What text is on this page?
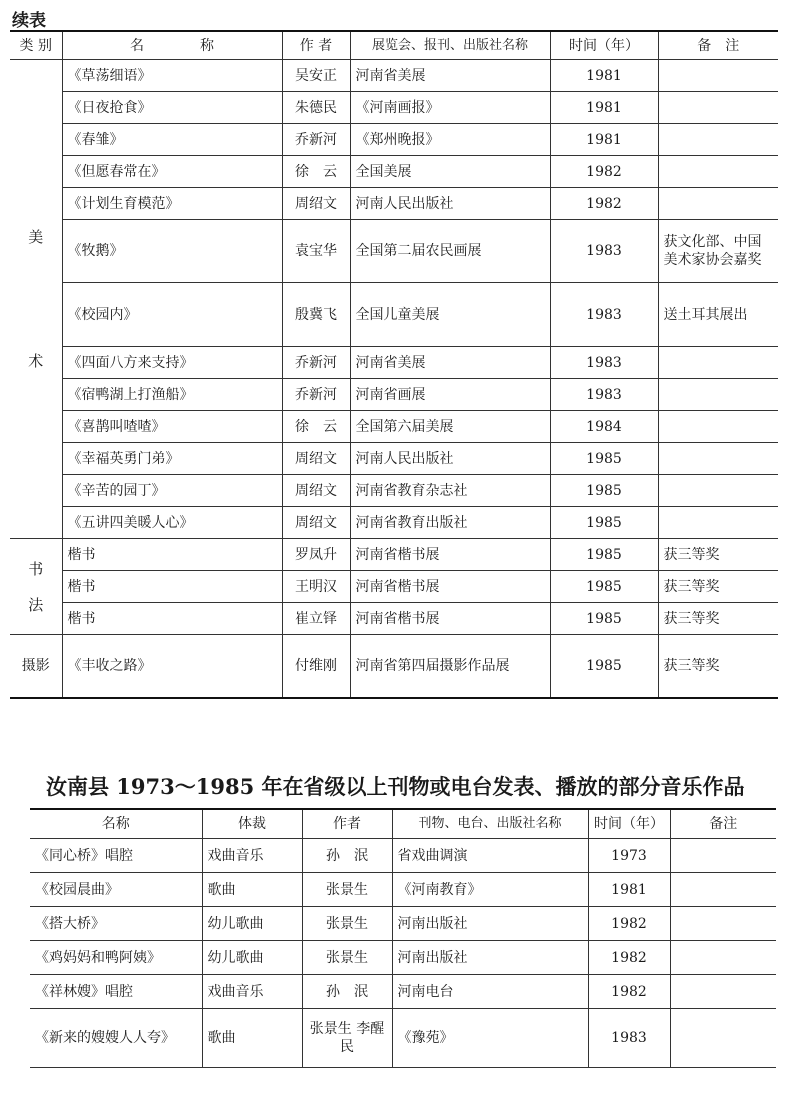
续表
类 别	名　　　　称	作 者	展览会、报刊、出版社名称	时间（年）	备　注

美
术	《草荡细语》	吴安正	河南省美展	1981	
	《日夜抢食》	朱德民	《河南画报》	1981	
	《春雏》	乔新河	《郑州晚报》	1981	
	《但愿春常在》	徐　云	全国美展	1982	
	《计划生育模范》	周绍文	河南人民出版社	1982	
	《牧鹅》	袁宝华	全国第二届农民画展	1983	获文化部、中国美术家协会嘉奖
	《校园内》	殷冀飞	全国儿童美展	1983	送土耳其展出
	《四面八方来支持》	乔新河	河南省美展	1983	
	《宿鸭湖上打渔船》	乔新河	河南省画展	1983	
	《喜鹊叫喳喳》	徐　云	全国第六届美展	1984	
	《幸福英勇门弟》	周绍文	河南人民出版社	1985	
	《辛苦的园丁》	周绍文	河南省教育杂志社	1985	
	《五讲四美暖人心》	周绍文	河南省教育出版社	1985	

书
法	楷书	罗凤升	河南省楷书展	1985	获三等奖
	楷书	王明汉	河南省楷书展	1985	获三等奖
	楷书	崔立铎	河南省楷书展	1985	获三等奖
摄影	《丰收之路》	付维刚	河南省第四届摄影作品展	1985	获三等奖
汝南县 1973～1985 年在省级以上刊物或电台发表、播放的部分音乐作品
名称	体裁	作者	刊物、电台、出版社名称	时间（年）	备注
《同心桥》唱腔	戏曲音乐	孙　泯	省戏曲调演	1973	
《校园晨曲》	歌曲	张景生	《河南教育》	1981	
《搭大桥》	幼儿歌曲	张景生	河南出版社	1982	
《鸡妈妈和鸭阿姨》	幼儿歌曲	张景生	河南出版社	1982	
《祥林嫂》唱腔	戏曲音乐	孙　泯	河南电台	1982	
《新来的嫂嫂人人夸》	歌曲	张景生 李醒民	《豫苑》	1983	
